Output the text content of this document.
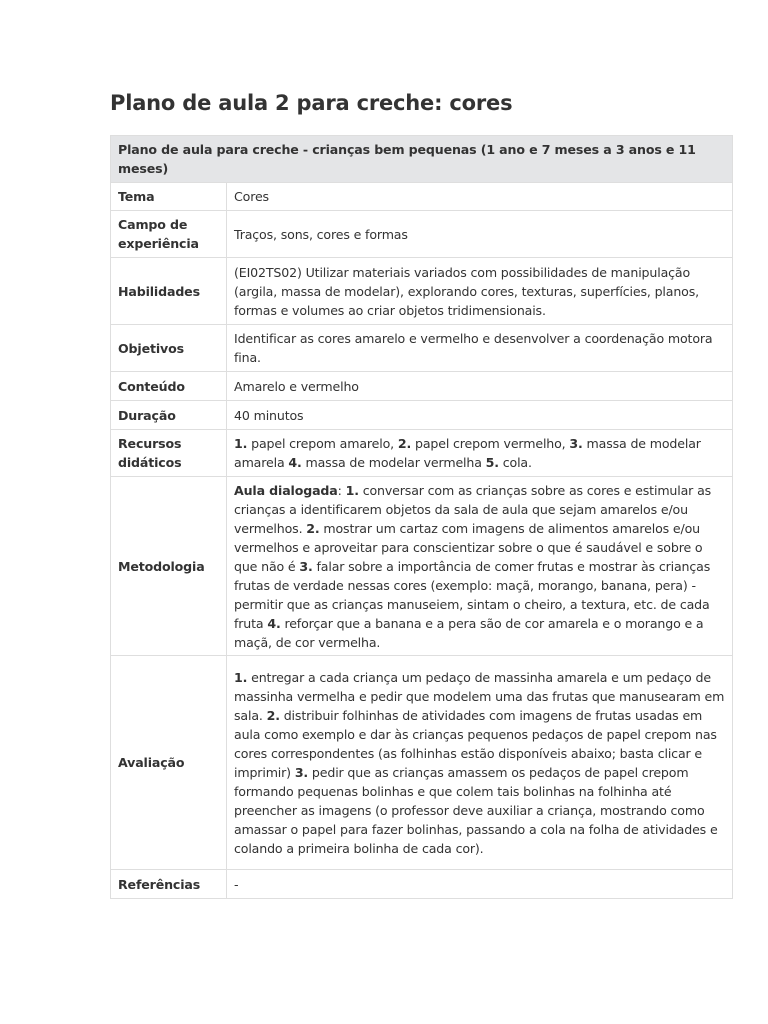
Plano de aula 2 para creche: cores
Plano de aula para creche - crianças bem pequenas (1 ano e 7 meses a 3 anos e 11 meses)	
Tema	Cores
Campo de experiência	Traços, sons, cores e formas
Habilidades	(EI02TS02) Utilizar materiais variados com possibilidades de manipulação (argila, massa de modelar), explorando cores, texturas, superfícies, planos, formas e volumes ao criar objetos tridimensionais.
Objetivos	Identificar as cores amarelo e vermelho e desenvolver a coordenação motora fina.
Conteúdo	Amarelo e vermelho
Duração	40 minutos
Recursos didáticos	1. papel crepom amarelo, 2. papel crepom vermelho, 3. massa de modelar amarela 4. massa de modelar vermelha 5. cola.
Metodologia	Aula dialogada: 1. conversar com as crianças sobre as cores e estimular as crianças a identificarem objetos da sala de aula que sejam amarelos e/ou vermelhos. 2. mostrar um cartaz com imagens de alimentos amarelos e/ou vermelhos e aproveitar para conscientizar sobre o que é saudável e sobre o que não é 3. falar sobre a importância de comer frutas e mostrar às crianças frutas de verdade nessas cores (exemplo: maçã, morango, banana, pera) - permitir que as crianças manuseiem, sintam o cheiro, a textura, etc. de cada fruta 4. reforçar que a banana e a pera são de cor amarela e o morango e a maçã, de cor vermelha.
Avaliação	1. entregar a cada criança um pedaço de massinha amarela e um pedaço de massinha vermelha e pedir que modelem uma das frutas que manusearam em sala. 2. distribuir folhinhas de atividades com imagens de frutas usadas em aula como exemplo e dar às crianças pequenos pedaços de papel crepom nas cores correspondentes (as folhinhas estão disponíveis abaixo; basta clicar e imprimir) 3. pedir que as crianças amassem os pedaços de papel crepom formando pequenas bolinhas e que colem tais bolinhas na folhinha até preencher as imagens (o professor deve auxiliar a criança, mostrando como amassar o papel para fazer bolinhas, passando a cola na folha de atividades e colando a primeira bolinha de cada cor).
Referências	-
